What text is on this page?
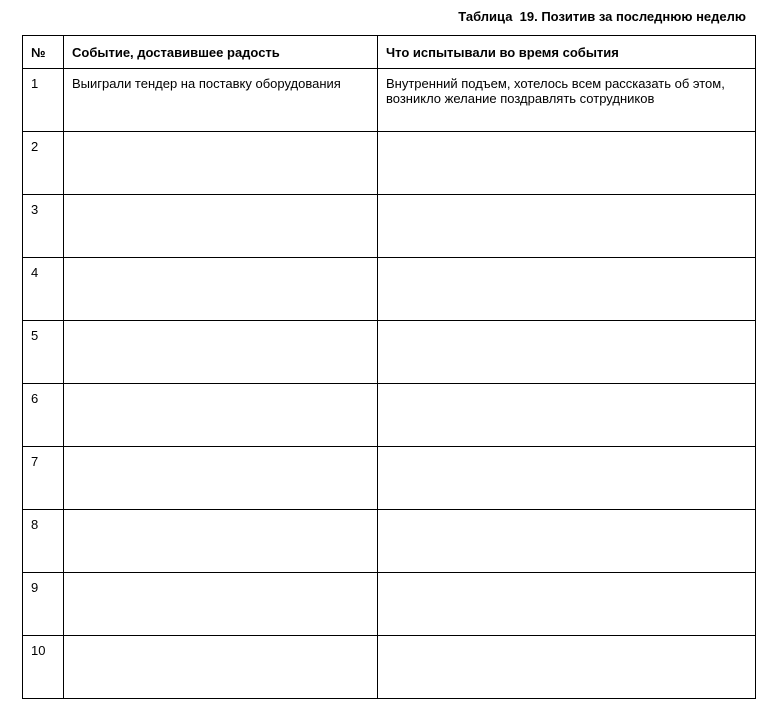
Таблица  19. Позитив за последнюю неделю
№	Событие, доставившее радость	Что испытывали во время события
1	Выиграли тендер на поставку оборудования	Внутренний подъем, хотелось всем рассказать об этом, возникло желание поздравлять сотрудников
2		
3		
4		
5		
6		
7		
8		
9		
10		
